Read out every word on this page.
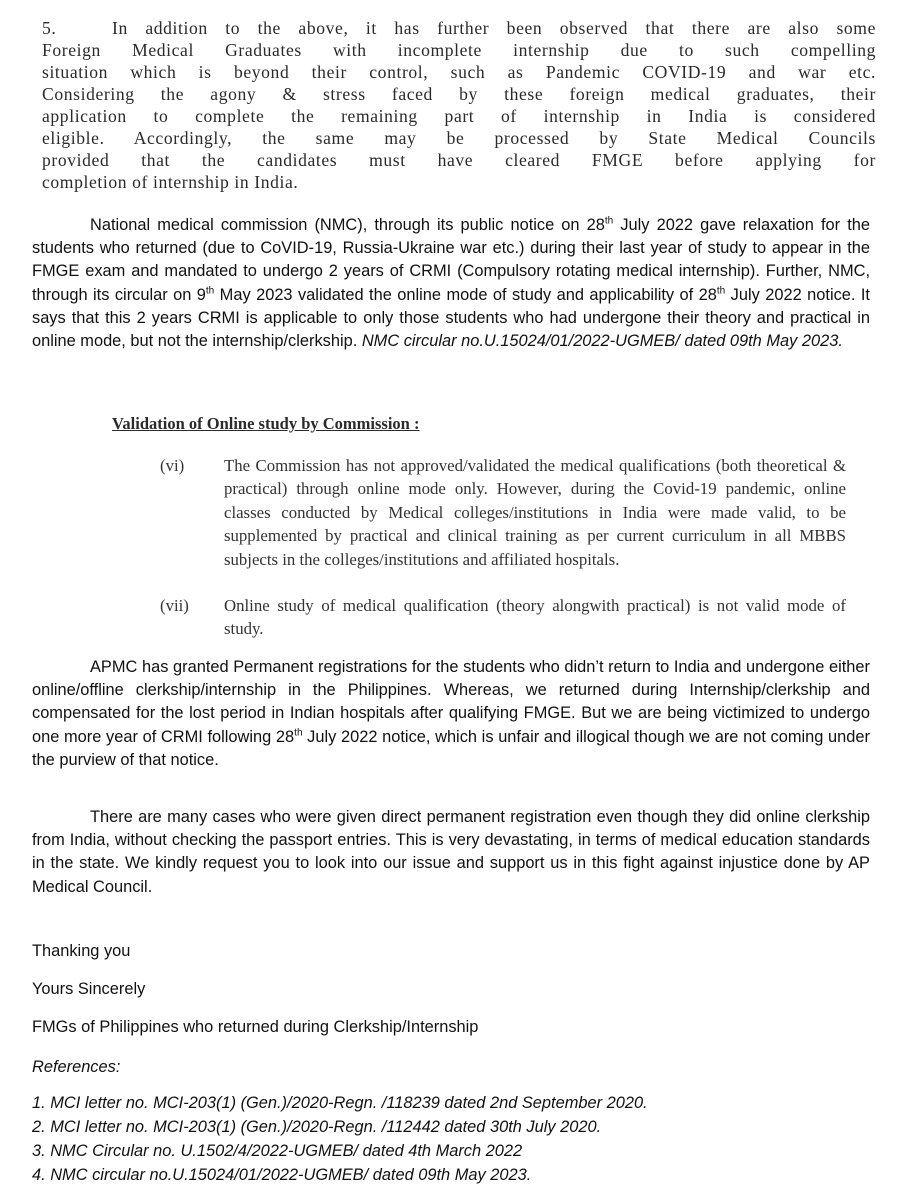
5.	In addition to the above, it has further been observed that there are also some
Foreign Medical Graduates with incomplete internship due to such compelling
situation which is beyond their control, such as Pandemic COVID-19 and war etc.
Considering the agony & stress faced by these foreign medical graduates, their
application to complete the remaining part of internship in India is considered
eligible. Accordingly, the same may be processed by State Medical Councils
provided that the candidates must have cleared FMGE before applying for
completion of internship in India.

National medical commission (NMC), through its public notice on 28th July 2022 gave relaxation for the students who returned (due to CoVID-19, Russia-Ukraine war etc.) during their last year of study to appear in the FMGE exam and mandated to undergo 2 years of CRMI (Compulsory rotating medical internship). Further, NMC, through its circular on 9th May 2023 validated the online mode of study and applicability of 28th July 2022 notice. It says that this 2 years CRMI is applicable to only those students who had undergone their theory and practical in online mode, but not the internship/clerkship. NMC circular no.U.15024/01/2022-UGMEB/ dated 09th May 2023.

Validation of Online study by Commission :
(vi)	The Commission has not approved/validated the medical qualifications (both theoretical & practical) through online mode only. However, during the Covid-19 pandemic, online classes conducted by Medical colleges/institutions in India were made valid, to be supplemented by practical and clinical training as per current curriculum in all MBBS subjects in the colleges/institutions and affiliated hospitals.
(vii)	Online study of medical qualification (theory alongwith practical) is not valid mode of study.

APMC has granted Permanent registrations for the students who didn’t return to India and undergone either online/offline clerkship/internship in the Philippines. Whereas, we returned during Internship/clerkship and compensated for the lost period in Indian hospitals after qualifying FMGE. But we are being victimized to undergo one more year of CRMI following 28th July 2022 notice, which is unfair and illogical though we are not coming under the purview of that notice.

There are many cases who were given direct permanent registration even though they did online clerkship from India, without checking the passport entries. This is very devastating, in terms of medical education standards in the state. We kindly request you to look into our issue and support us in this fight against injustice done by AP Medical Council.

Thanking you
Yours Sincerely
FMGs of Philippines who returned during Clerkship/Internship
References:
1. MCI letter no. MCI-203(1) (Gen.)/2020-Regn. /118239 dated 2nd September 2020.
2. MCI letter no. MCI-203(1) (Gen.)/2020-Regn. /112442 dated 30th July 2020.
3. NMC Circular no. U.1502/4/2022-UGMEB/ dated 4th March 2022
4. NMC circular no.U.15024/01/2022-UGMEB/ dated 09th May 2023.
